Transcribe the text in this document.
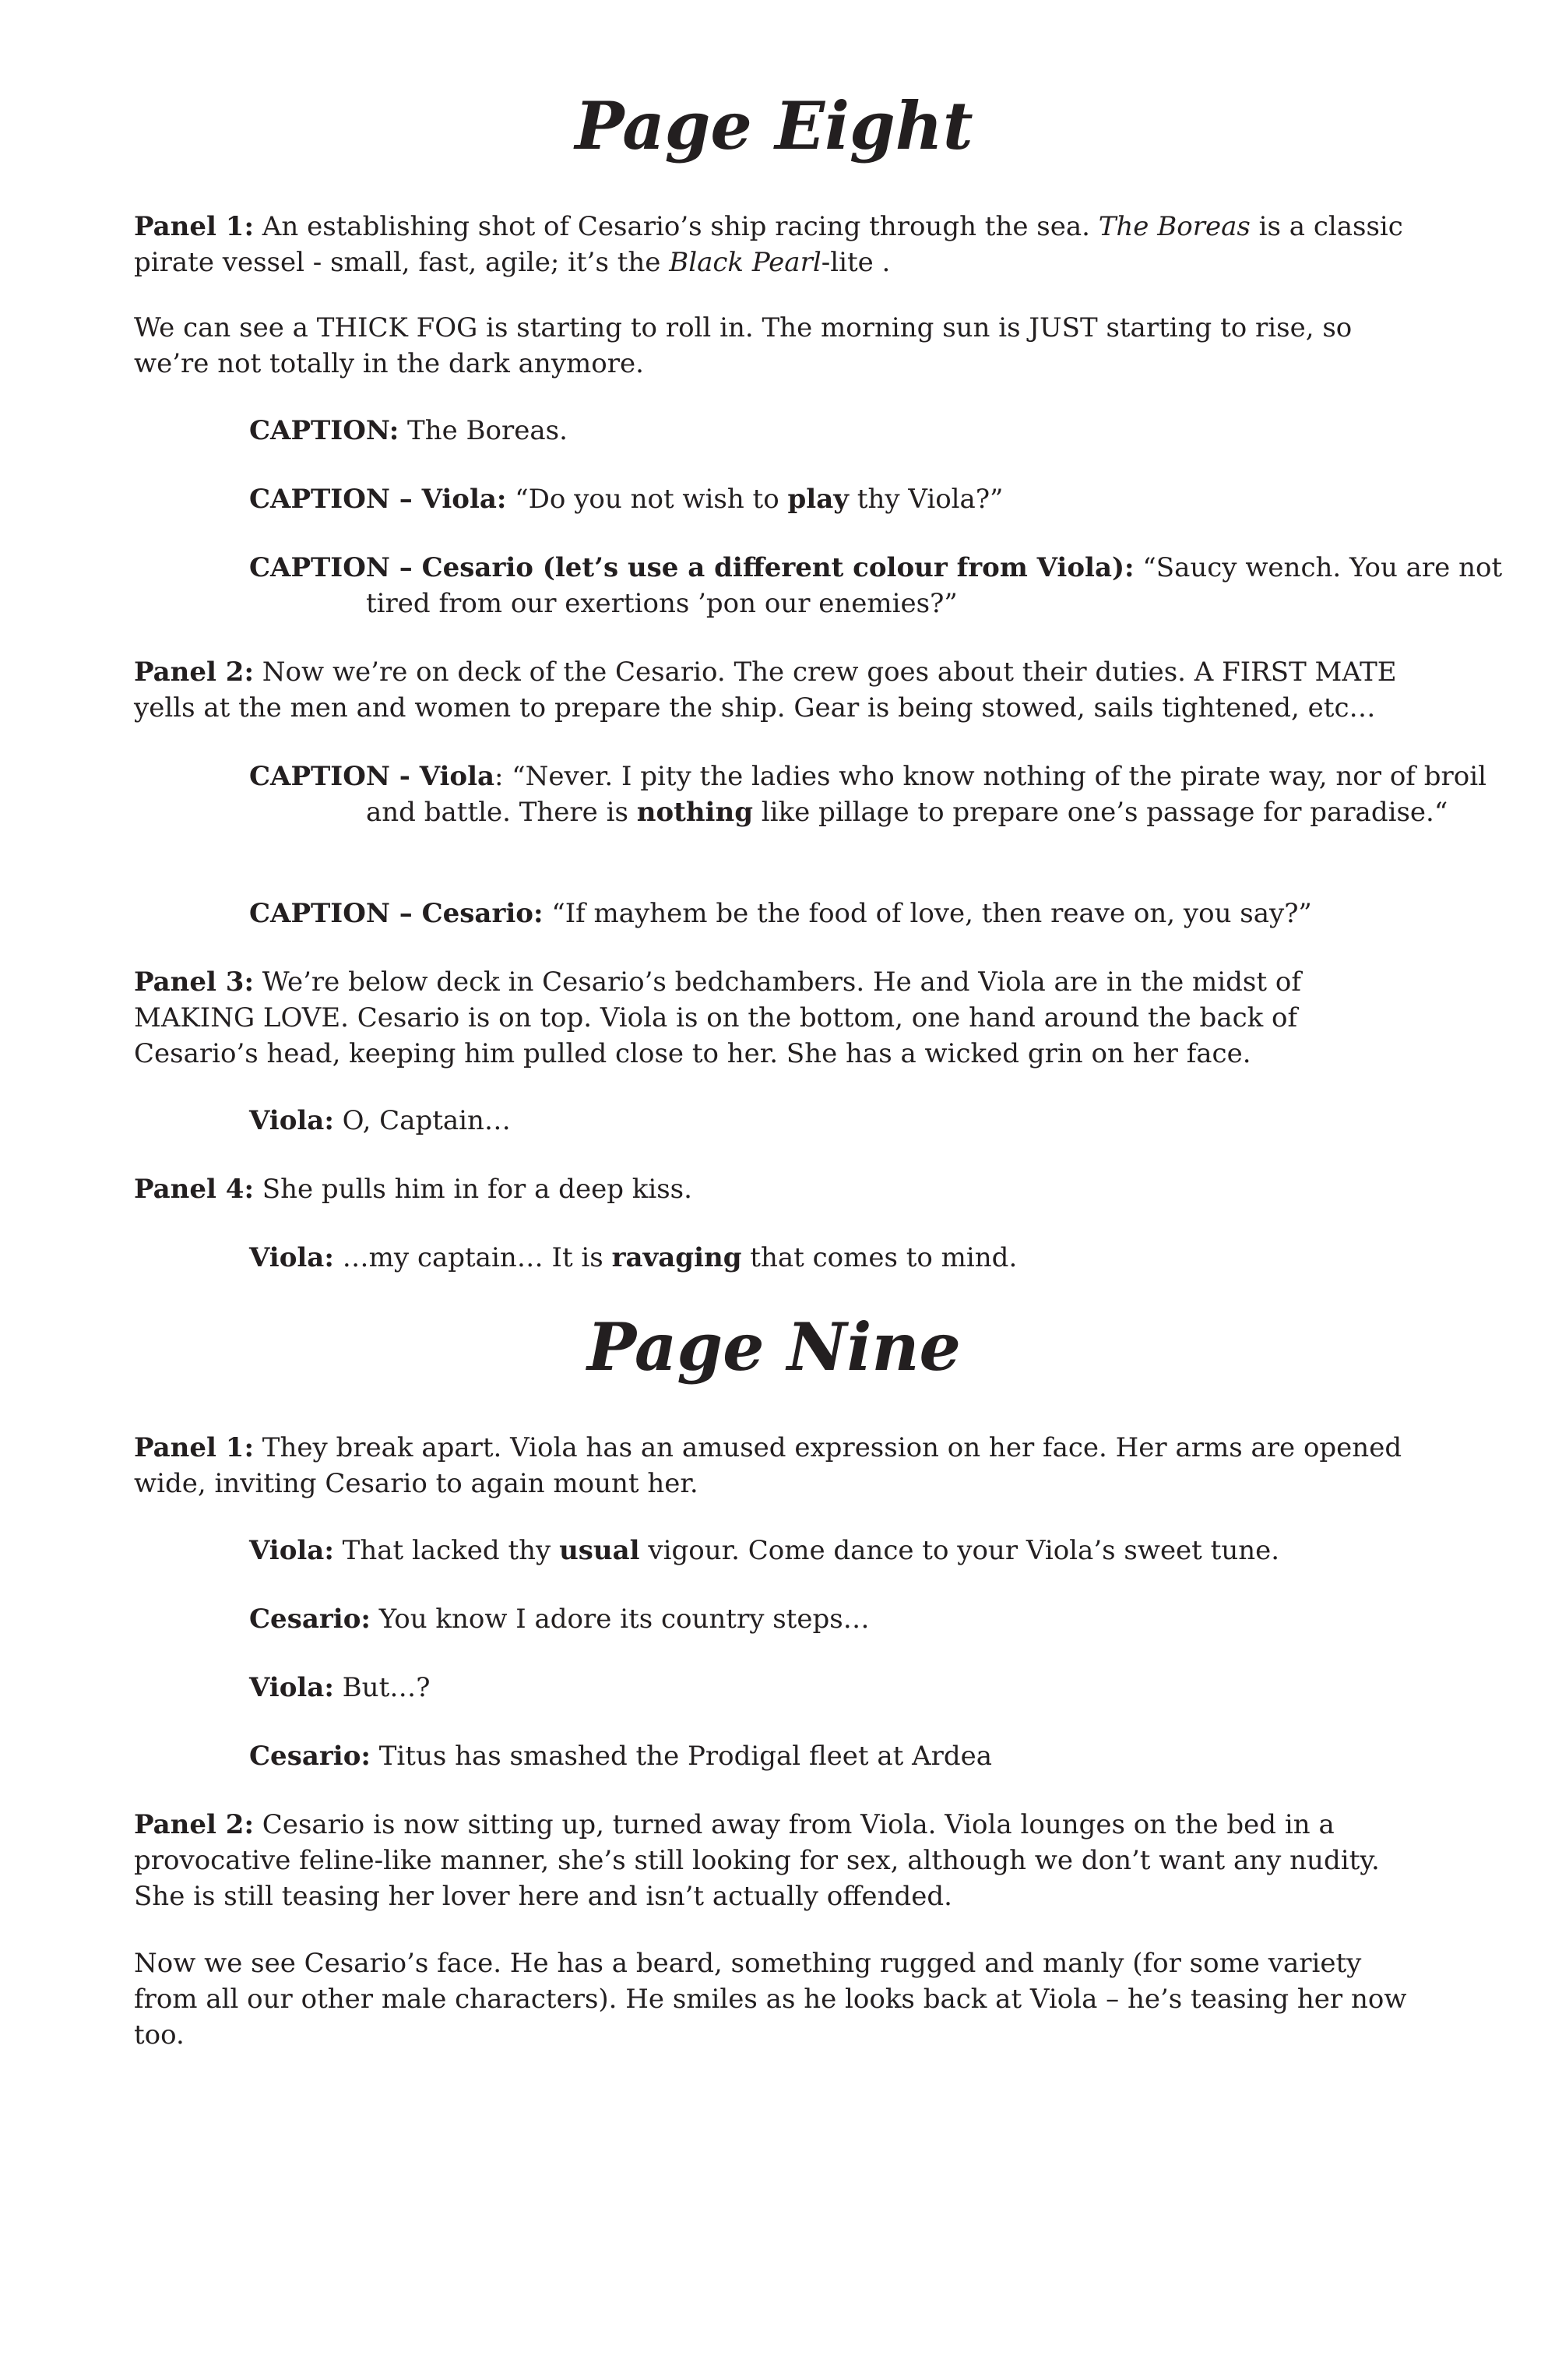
Page Eight

Panel 1: An establishing shot of Cesario’s ship racing through the sea. The Boreas is a classic pirate vessel - small, fast, agile; it’s the Black Pearl-lite .

We can see a THICK FOG is starting to roll in. The morning sun is JUST starting to rise, so we’re not totally in the dark anymore.

CAPTION: The Boreas.

CAPTION – Viola: “Do you not wish to play thy Viola?”

CAPTION – Cesario (let’s use a different colour from Viola): “Saucy wench. You are not tired from our exertions ’pon our enemies?”

Panel 2: Now we’re on deck of the Cesario. The crew goes about their duties. A FIRST MATE yells at the men and women to prepare the ship. Gear is being stowed, sails tightened, etc…

CAPTION - Viola: “Never. I pity the ladies who know nothing of the pirate way, nor of broil and battle. There is nothing like pillage to prepare one’s passage for paradise.“

CAPTION – Cesario: “If mayhem be the food of love, then reave on, you say?”

Panel 3: We’re below deck in Cesario’s bedchambers. He and Viola are in the midst of MAKING LOVE. Cesario is on top. Viola is on the bottom, one hand around the back of Cesario’s head, keeping him pulled close to her. She has a wicked grin on her face.

Viola: O, Captain…

Panel 4: She pulls him in for a deep kiss.

Viola: …my captain… It is ravaging that comes to mind.

Page Nine

Panel 1: They break apart. Viola has an amused expression on her face. Her arms are opened wide, inviting Cesario to again mount her.

Viola: That lacked thy usual vigour. Come dance to your Viola’s sweet tune.

Cesario: You know I adore its country steps…

Viola: But…?

Cesario: Titus has smashed the Prodigal fleet at Ardea

Panel 2: Cesario is now sitting up, turned away from Viola. Viola lounges on the bed in a provocative feline-like manner, she’s still looking for sex, although we don’t want any nudity. She is still teasing her lover here and isn’t actually offended.

Now we see Cesario’s face. He has a beard, something rugged and manly (for some variety from all our other male characters). He smiles as he looks back at Viola – he’s teasing her now too.
